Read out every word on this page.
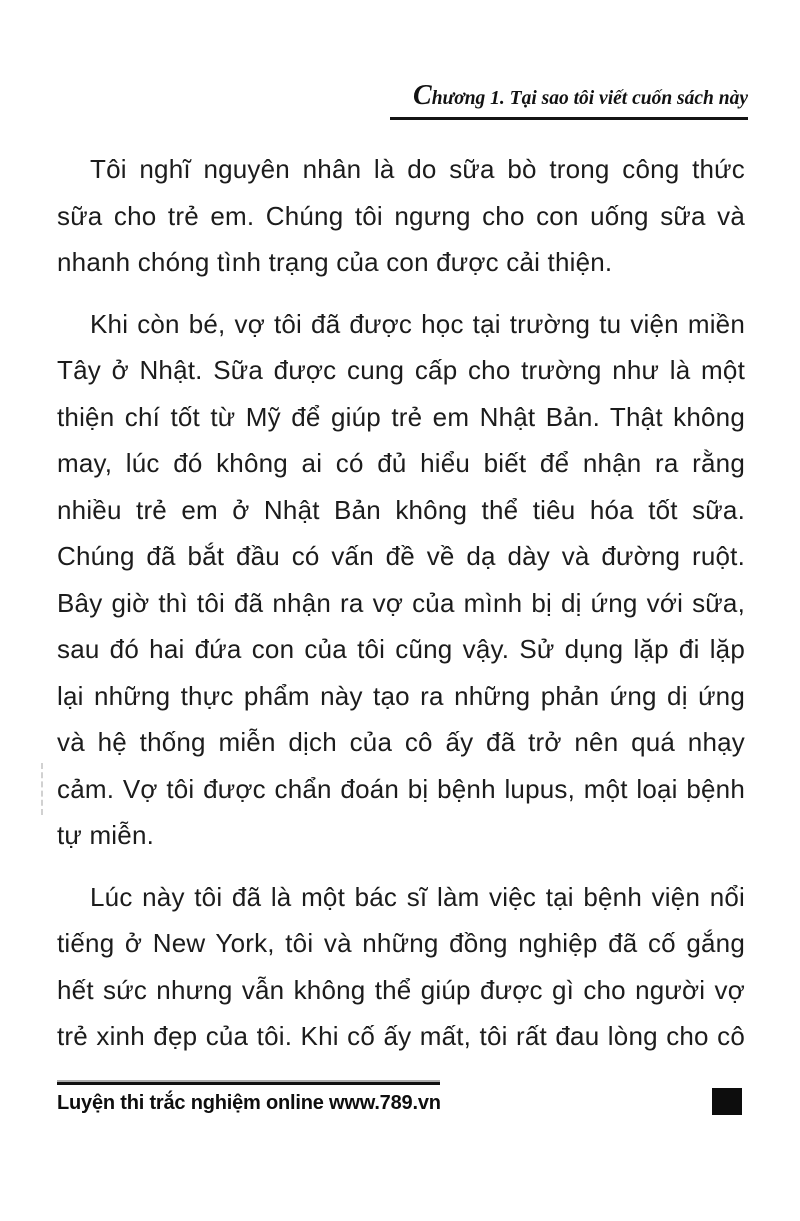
Chương 1. Tại sao tôi viết cuốn sách này
Tôi nghĩ nguyên nhân là do sữa bò trong công thức
sữa cho trẻ em. Chúng tôi ngưng cho con uống sữa và
nhanh chóng tình trạng của con được cải thiện.
Khi còn bé, vợ tôi đã được học tại trường tu viện miền
Tây ở Nhật. Sữa được cung cấp cho trường như là một
thiện chí tốt từ Mỹ để giúp trẻ em Nhật Bản. Thật không
may, lúc đó không ai có đủ hiểu biết để nhận ra rằng
nhiều trẻ em ở Nhật Bản không thể tiêu hóa tốt sữa.
Chúng đã bắt đầu có vấn đề về dạ dày và đường ruột.
Bây giờ thì tôi đã nhận ra vợ của mình bị dị ứng với sữa,
sau đó hai đứa con của tôi cũng vậy. Sử dụng lặp đi lặp
lại những thực phẩm này tạo ra những phản ứng dị ứng
và hệ thống miễn dịch của cô ấy đã trở nên quá nhạy
cảm. Vợ tôi được chẩn đoán bị bệnh lupus, một loại bệnh
tự miễn.
Lúc này tôi đã là một bác sĩ làm việc tại bệnh viện nổi
tiếng ở New York, tôi và những đồng nghiệp đã cố gắng
hết sức nhưng vẫn không thể giúp được gì cho người vợ
trẻ xinh đẹp của tôi. Khi cố ấy mất, tôi rất đau lòng cho cô
Luyện thi trắc nghiệm online www.789.vn
